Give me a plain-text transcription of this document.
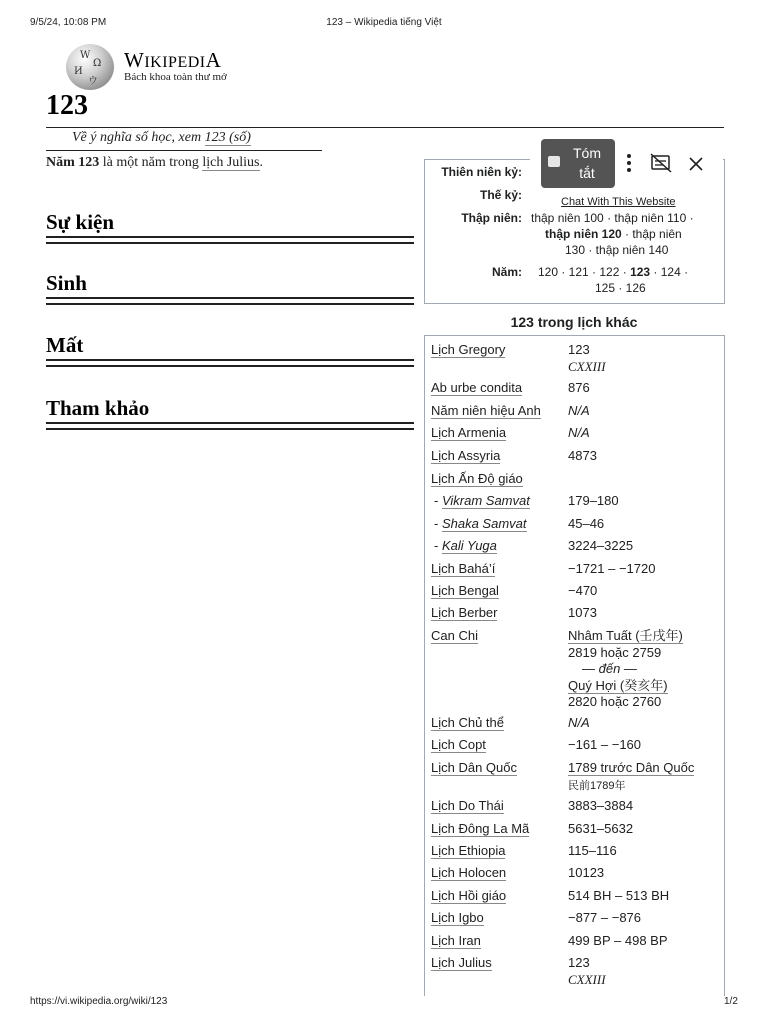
9/5/24, 10:08 PM	123 – Wikipedia tiếng Việt
W
Ω
И
ウ
WIKIPEDIA
Bách khoa toàn thư mở
123
Về ý nghĩa số học, xem 123 (số)
Năm 123 là một năm trong lịch Julius.
Sự kiện
Sinh
Mất
Tham khảo
Thiên niên kỷ:
Thế kỷ:
Thập niên: thập niên 100 · thập niên 110 ·
thập niên 120 · thập niên
130 · thập niên 140
Năm: 120 · 121 · 122 · 123 · 124 ·
125 · 126
Tóm tắt
Chat With This Website
123 trong lịch khác
Lịch Gregory	123
CXXIII
Ab urbe condita	876
Năm niên hiệu Anh N/A
Lịch Armenia	N/A
Lịch Assyria	4873
Lịch Ấn Độ giáo
- Vikram Samvat	179–180
- Shaka Samvat	45–46
- Kali Yuga	3224–3225
Lịch Bahá’í	−1721 – −1720
Lịch Bengal	−470
Lịch Berber	1073
Can Chi	Nhâm Tuất (壬戌年)
2819 hoặc 2759
— đến —
Quý Hợi (癸亥年)
2820 hoặc 2760
Lịch Chủ thể	N/A
Lịch Copt	−161 – −160
Lịch Dân Quốc	1789 trước Dân Quốc
民前1789年
Lịch Do Thái	3883–3884
Lịch Đông La Mã	5631–5632
Lịch Ethiopia	115–116
Lịch Holocen	10123
Lịch Hồi giáo	514 BH – 513 BH
Lịch Igbo	−877 – −876
Lịch Iran	499 BP – 498 BP
Lịch Julius	123
CXXIII
https://vi.wikipedia.org/wiki/123	1/2
